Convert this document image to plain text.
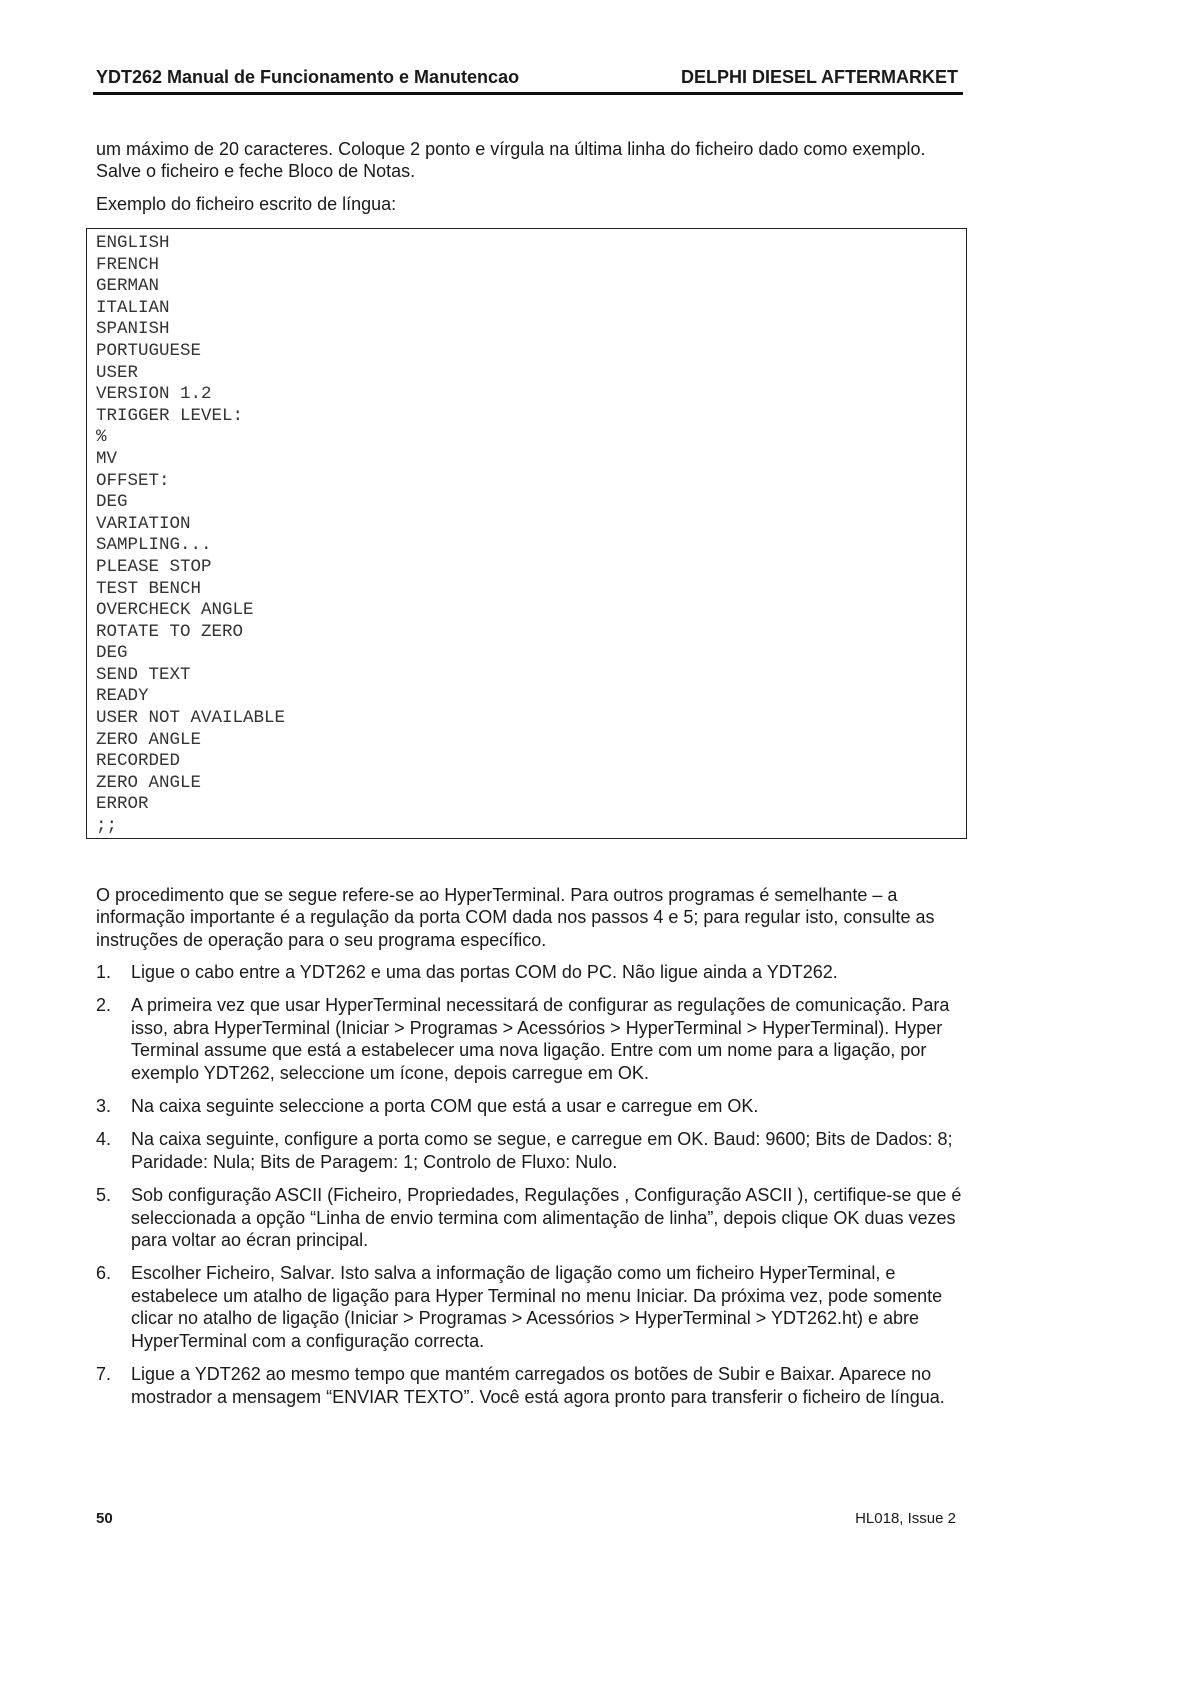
YDT262 Manual de Funcionamento e Manutencao	DELPHI DIESEL AFTERMARKET

um máximo de 20 caracteres. Coloque 2 ponto e vírgula na última linha do ficheiro dado como exemplo. Salve o ficheiro e feche Bloco de Notas.

Exemplo do ficheiro escrito de língua:

ENGLISH
FRENCH
GERMAN
ITALIAN
SPANISH
PORTUGUESE
USER
VERSION 1.2
TRIGGER LEVEL:
%
MV
OFFSET:
DEG
VARIATION
SAMPLING...
PLEASE STOP
TEST BENCH
OVERCHECK ANGLE
ROTATE TO ZERO
DEG
SEND TEXT
READY
USER NOT AVAILABLE
ZERO ANGLE
RECORDED
ZERO ANGLE
ERROR
;;

O procedimento que se segue refere-se ao HyperTerminal. Para outros programas é semelhante – a informação importante é a regulação da porta COM dada nos passos 4 e 5; para regular isto, consulte as instruções de operação para o seu programa específico.

1. Ligue o cabo entre a YDT262 e uma das portas COM do PC. Não ligue ainda a YDT262.
2. A primeira vez que usar HyperTerminal necessitará de configurar as regulações de comunicação. Para isso, abra HyperTerminal (Iniciar > Programas > Acessórios > HyperTerminal > HyperTerminal). Hyper Terminal assume que está a estabelecer uma nova ligação. Entre com um nome para a ligação, por exemplo YDT262, seleccione um ícone, depois carregue em OK.
3. Na caixa seguinte seleccione a porta COM que está a usar e carregue em OK.
4. Na caixa seguinte, configure a porta como se segue, e carregue em OK. Baud: 9600; Bits de Dados: 8; Paridade: Nula; Bits de Paragem: 1; Controlo de Fluxo: Nulo.
5. Sob configuração ASCII (Ficheiro, Propriedades, Regulações , Configuração ASCII ), certifique-se que é seleccionada a opção “Linha de envio termina com alimentação de linha”, depois clique OK duas vezes para voltar ao écran principal.
6. Escolher Ficheiro, Salvar. Isto salva a informação de ligação como um ficheiro HyperTerminal, e estabelece um atalho de ligação para Hyper Terminal no menu Iniciar. Da próxima vez, pode somente clicar no atalho de ligação (Iniciar > Programas > Acessórios > HyperTerminal > YDT262.ht) e abre HyperTerminal com a configuração correcta.
7. Ligue a YDT262 ao mesmo tempo que mantém carregados os botões de Subir e Baixar. Aparece no mostrador a mensagem “ENVIAR TEXTO”. Você está agora pronto para transferir o ficheiro de língua.
50	HL018, Issue 2
